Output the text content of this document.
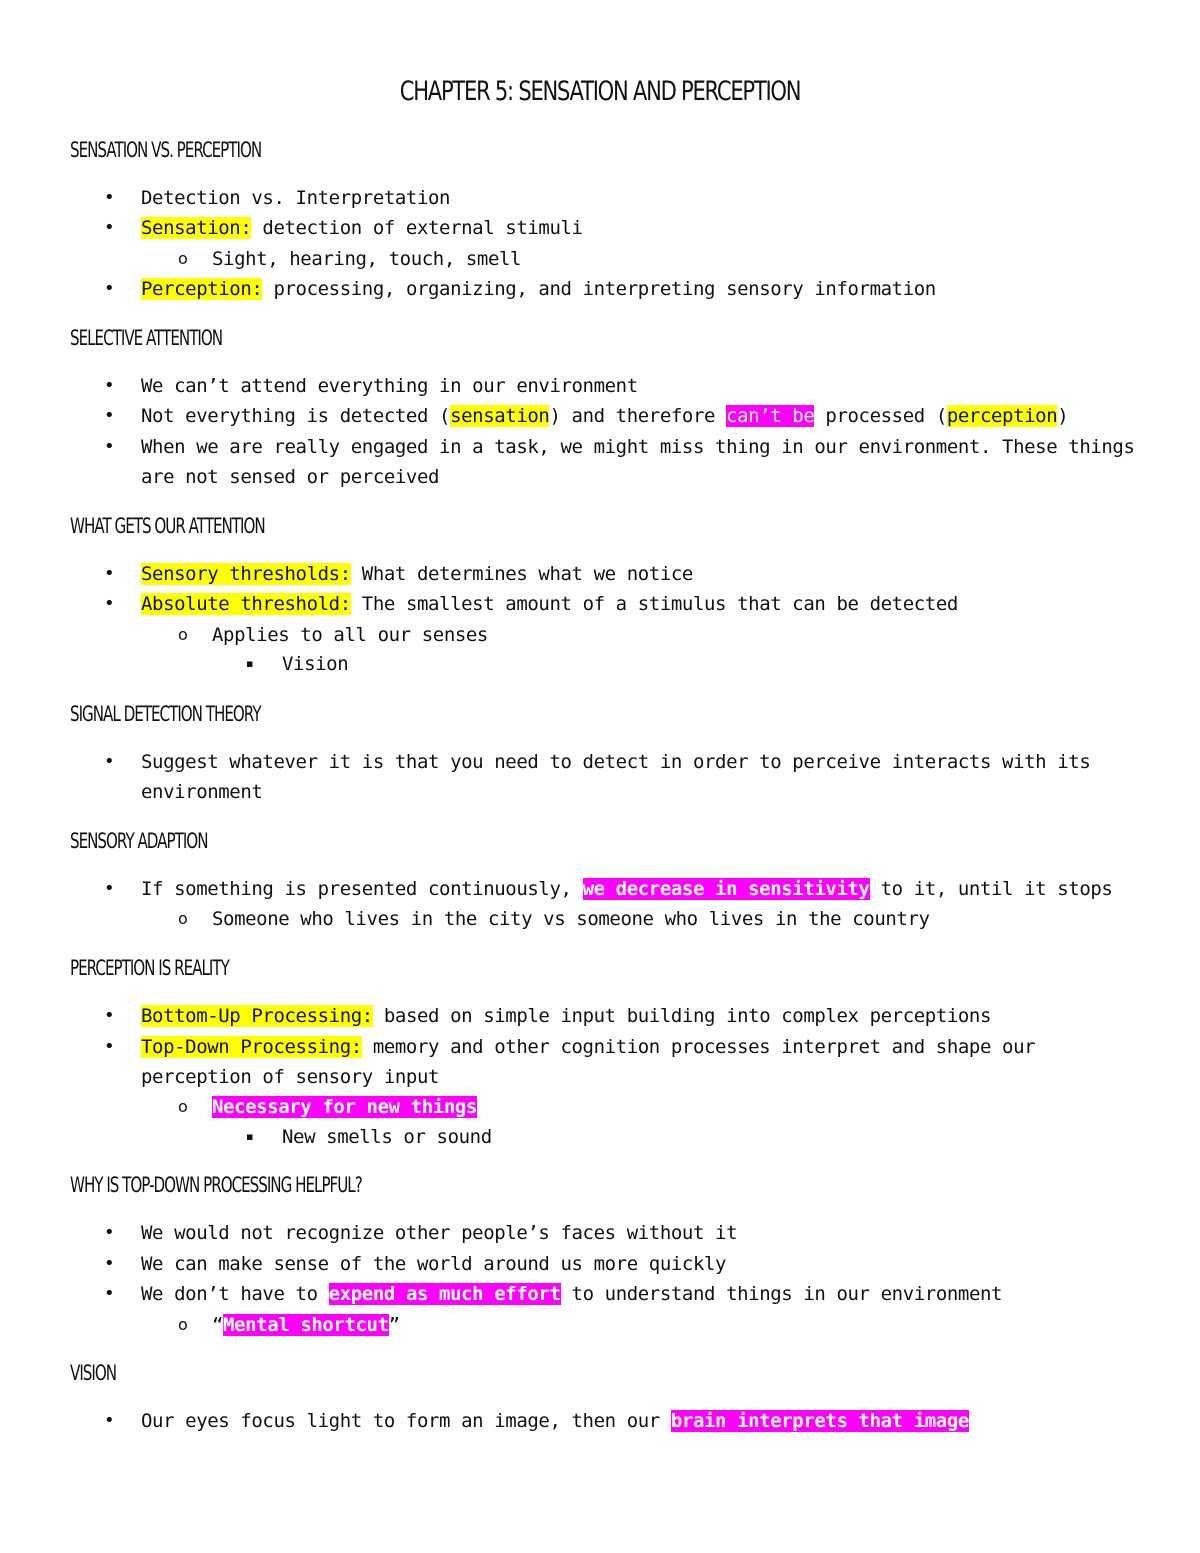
CHAPTER 5: SENSATION AND PERCEPTION
SENSATION VS. PERCEPTION
• Detection vs. Interpretation
• Sensation: detection of external stimuli
o Sight, hearing, touch, smell
• Perception: processing, organizing, and interpreting sensory information
SELECTIVE ATTENTION
• We can’t attend everything in our environment
• Not everything is detected (sensation) and therefore can’t be processed (perception)
• When we are really engaged in a task, we might miss thing in our environment. These things
are not sensed or perceived
WHAT GETS OUR ATTENTION
• Sensory thresholds: What determines what we notice
• Absolute threshold: The smallest amount of a stimulus that can be detected
o Applies to all our senses
▪ Vision
SIGNAL DETECTION THEORY
• Suggest whatever it is that you need to detect in order to perceive interacts with its
environment
SENSORY ADAPTION
• If something is presented continuously, we decrease in sensitivity to it, until it stops
o Someone who lives in the city vs someone who lives in the country
PERCEPTION IS REALITY
• Bottom-Up Processing: based on simple input building into complex perceptions
• Top-Down Processing: memory and other cognition processes interpret and shape our
perception of sensory input
o Necessary for new things
▪ New smells or sound
WHY IS TOP-DOWN PROCESSING HELPFUL?
• We would not recognize other people’s faces without it
• We can make sense of the world around us more quickly
• We don’t have to expend as much effort to understand things in our environment
o “Mental shortcut”
VISION
• Our eyes focus light to form an image, then our brain interprets that image
